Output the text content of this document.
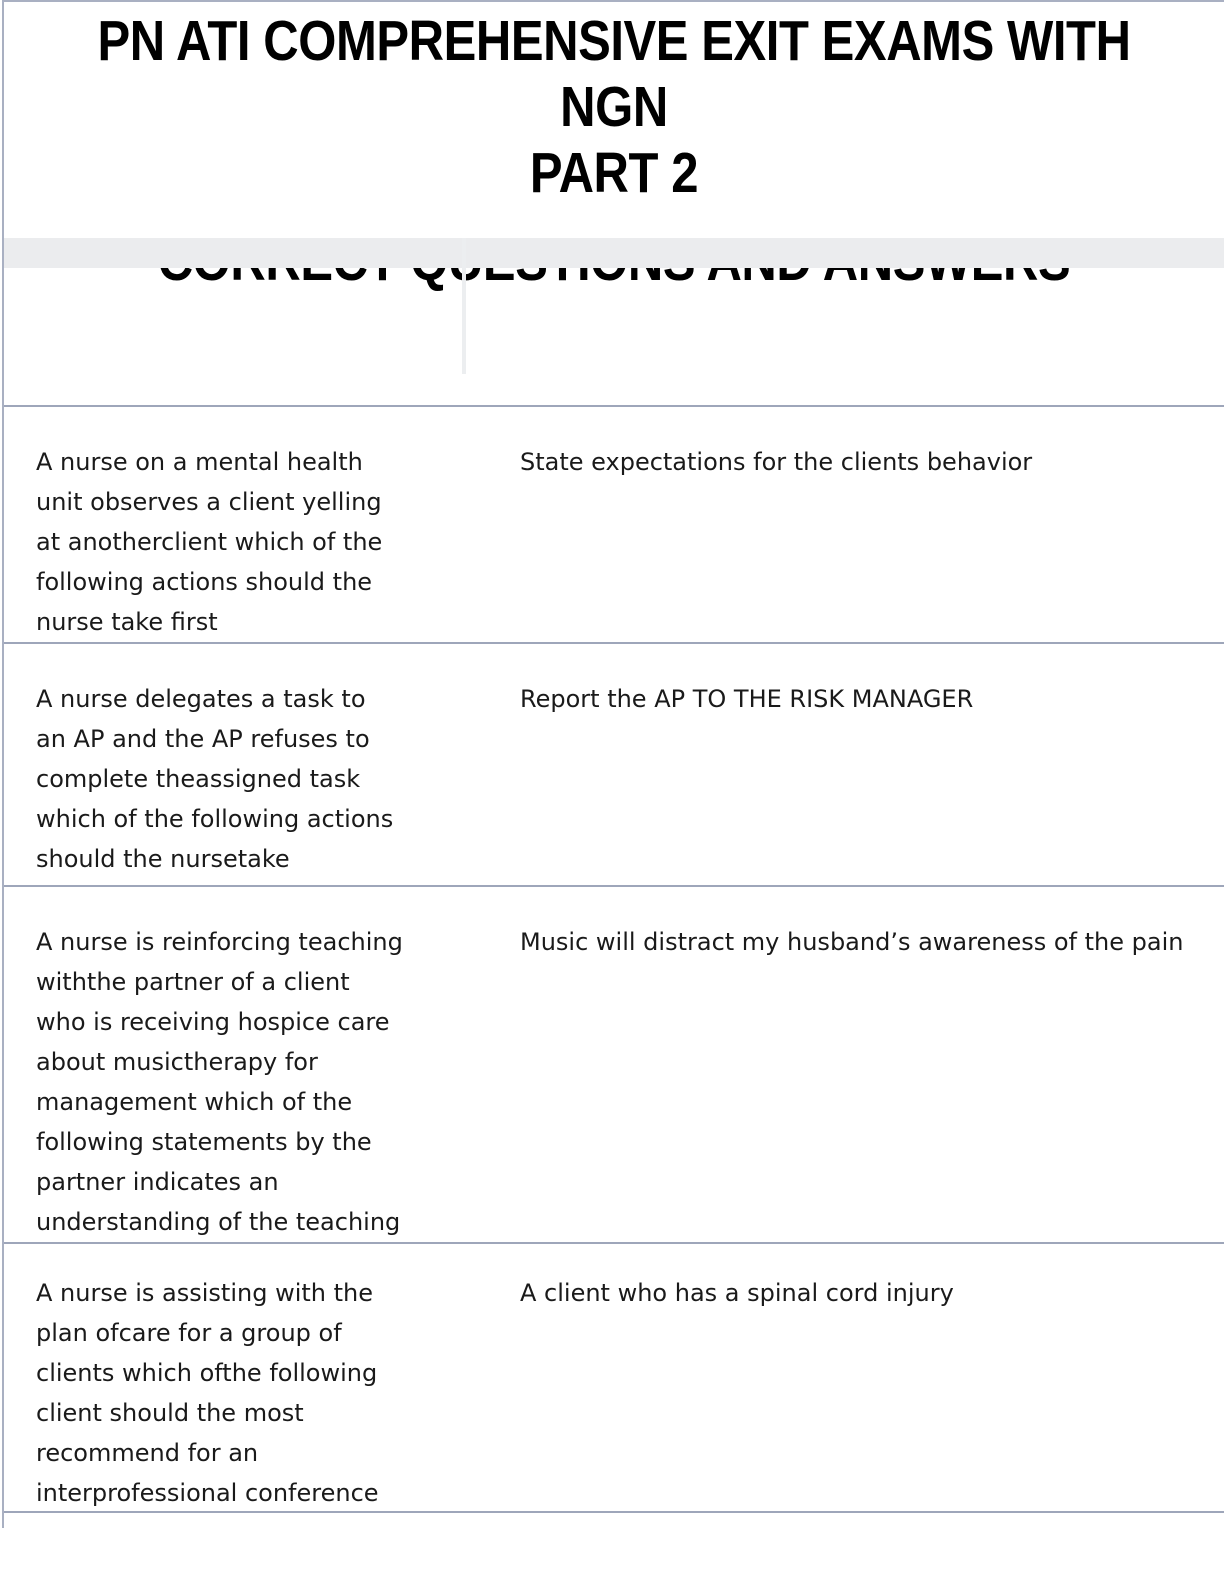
PN ATI COMPREHENSIVE EXIT EXAMS WITH NGN
PART 2
A nurse on a mental health
unit observes a client yelling
at anotherclient which of the
following actions should the
nurse take first
State expectations for the clients behavior
A nurse delegates a task to
an AP and the AP refuses to
complete theassigned task
which of the following actions
should the nursetake
Report the AP TO THE RISK MANAGER
A nurse is reinforcing teaching
withthe partner of a client
who is receiving hospice care
about musictherapy for
management which of the
following statements by the
partner indicates an
understanding of the teaching
Music will distract my husband’s awareness of the pain
A nurse is assisting with the
plan ofcare for a group of
clients which ofthe following
client should the most
recommend for an
interprofessional conference
A client who has a spinal cord injury
